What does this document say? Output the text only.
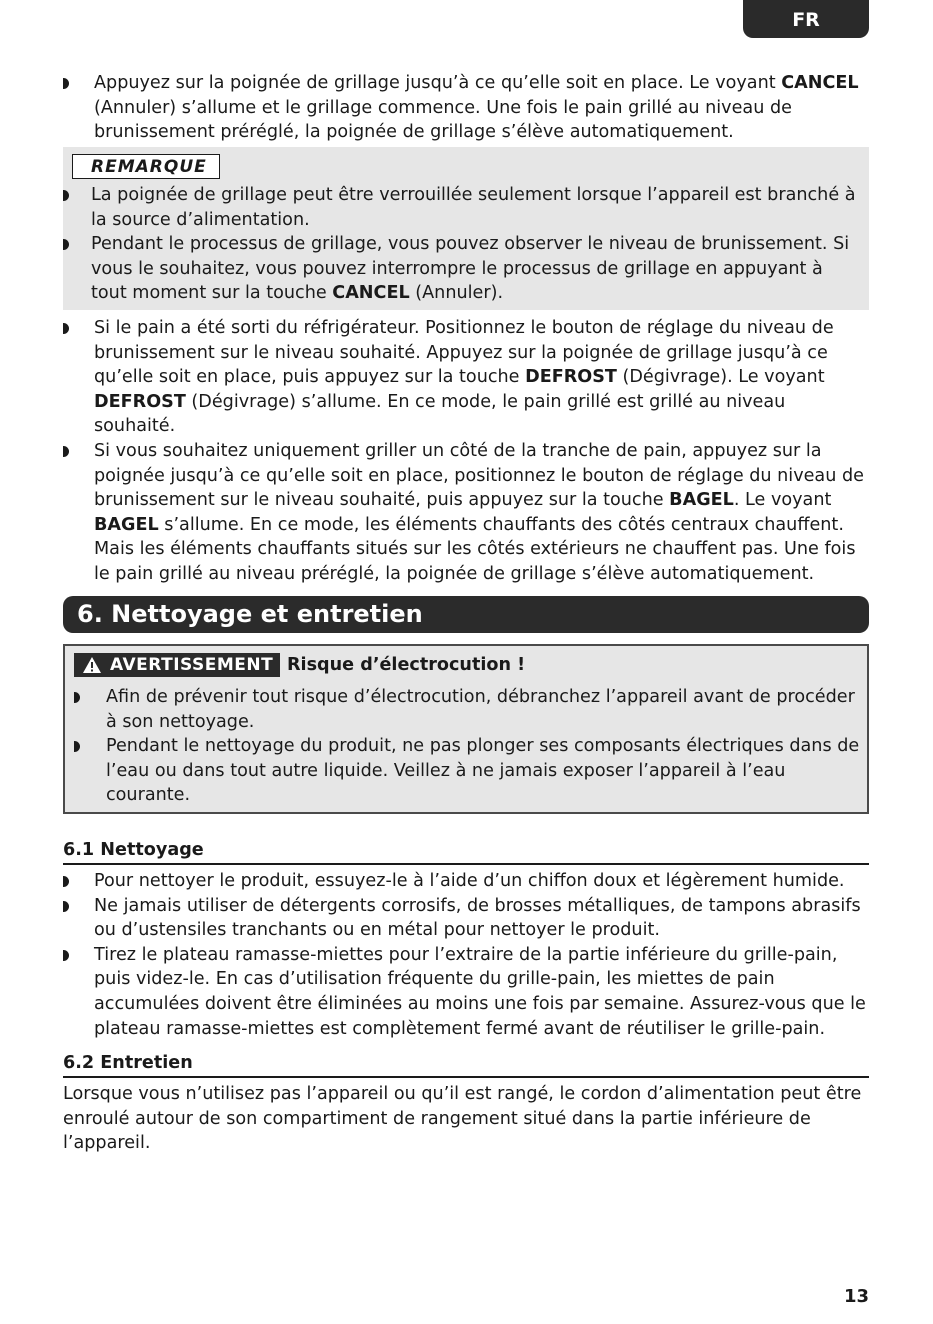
FR
Appuyez sur la poignée de grillage jusqu’à ce qu’elle soit en place. Le voyant CANCEL (Annuler) s’allume et le grillage commence. Une fois le pain grillé au niveau de brunissement préréglé, la poignée de grillage s’élève automatiquement.
REMARQUE
La poignée de grillage peut être verrouillée seulement lorsque l’appareil est branché à la source d’alimentation.
Pendant le processus de grillage, vous pouvez observer le niveau de brunissement. Si vous le souhaitez, vous pouvez interrompre le processus de grillage en appuyant à tout moment sur la touche CANCEL (Annuler).
Si le pain a été sorti du réfrigérateur. Positionnez le bouton de réglage du niveau de brunissement sur le niveau souhaité. Appuyez sur la poignée de grillage jusqu’à ce qu’elle soit en place, puis appuyez sur la touche DEFROST (Dégivrage). Le voyant DEFROST (Dégivrage) s’allume. En ce mode, le pain grillé est grillé au niveau souhaité.
Si vous souhaitez uniquement griller un côté de la tranche de pain, appuyez sur la poignée jusqu’à ce qu’elle soit en place, positionnez le bouton de réglage du niveau de brunissement sur le niveau souhaité, puis appuyez sur la touche BAGEL. Le voyant BAGEL s’allume. En ce mode, les éléments chauffants des côtés centraux chauffent. Mais les éléments chauffants situés sur les côtés extérieurs ne chauffent pas. Une fois le pain grillé au niveau préréglé, la poignée de grillage s’élève automatiquement.
6. Nettoyage et entretien
AVERTISSEMENT Risque d’électrocution !
Afin de prévenir tout risque d’électrocution, débranchez l’appareil avant de procéder à son nettoyage.
Pendant le nettoyage du produit, ne pas plonger ses composants électriques dans de l’eau ou dans tout autre liquide. Veillez à ne jamais exposer l’appareil à l’eau courante.
6.1 Nettoyage
Pour nettoyer le produit, essuyez-le à l’aide d’un chiffon doux et légèrement humide.
Ne jamais utiliser de détergents corrosifs, de brosses métalliques, de tampons abrasifs ou d’ustensiles tranchants ou en métal pour nettoyer le produit.
Tirez le plateau ramasse-miettes pour l’extraire de la partie inférieure du grille-pain, puis videz-le. En cas d’utilisation fréquente du grille-pain, les miettes de pain accumulées doivent être éliminées au moins une fois par semaine. Assurez-vous que le plateau ramasse-miettes est complètement fermé avant de réutiliser le grille-pain.
6.2 Entretien
Lorsque vous n’utilisez pas l’appareil ou qu’il est rangé, le cordon d’alimentation peut être enroulé autour de son compartiment de rangement situé dans la partie inférieure de l’appareil.
13
